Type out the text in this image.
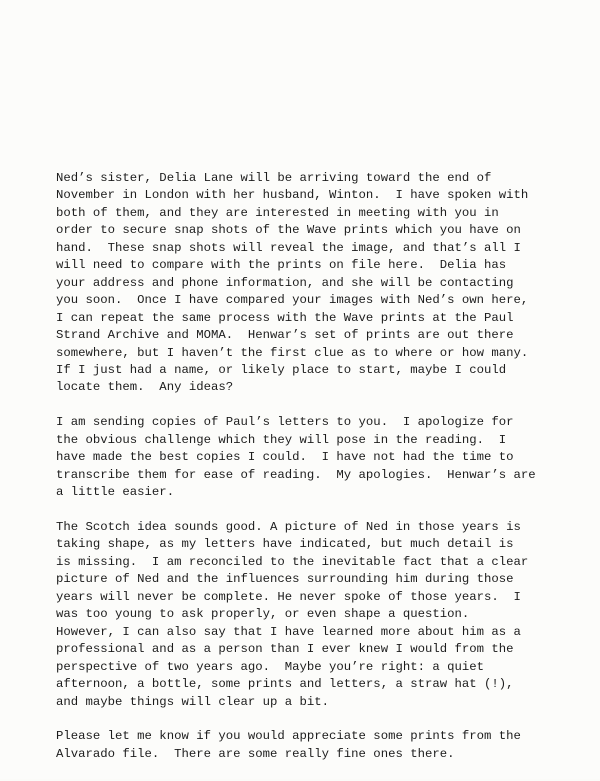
Ned’s sister, Delia Lane will be arriving toward the end of
November in London with her husband, Winton.  I have spoken with
both of them, and they are interested in meeting with you in
order to secure snap shots of the Wave prints which you have on
hand.  These snap shots will reveal the image, and that’s all I
will need to compare with the prints on file here.  Delia has
your address and phone information, and she will be contacting
you soon.  Once I have compared your images with Ned’s own here,
I can repeat the same process with the Wave prints at the Paul
Strand Archive and MOMA.  Henwar’s set of prints are out there
somewhere, but I haven’t the first clue as to where or how many.
If I just had a name, or likely place to start, maybe I could
locate them.  Any ideas?

I am sending copies of Paul’s letters to you.  I apologize for
the obvious challenge which they will pose in the reading.  I
have made the best copies I could.  I have not had the time to
transcribe them for ease of reading.  My apologies.  Henwar’s are
a little easier.

The Scotch idea sounds good. A picture of Ned in those years is
taking shape, as my letters have indicated, but much detail is
is missing.  I am reconciled to the inevitable fact that a clear
picture of Ned and the influences surrounding him during those
years will never be complete. He never spoke of those years.  I
was too young to ask properly, or even shape a question.
However, I can also say that I have learned more about him as a
professional and as a person than I ever knew I would from the
perspective of two years ago.  Maybe you’re right: a quiet
afternoon, a bottle, some prints and letters, a straw hat (!),
and maybe things will clear up a bit.

Please let me know if you would appreciate some prints from the
Alvarado file.  There are some really fine ones there.
